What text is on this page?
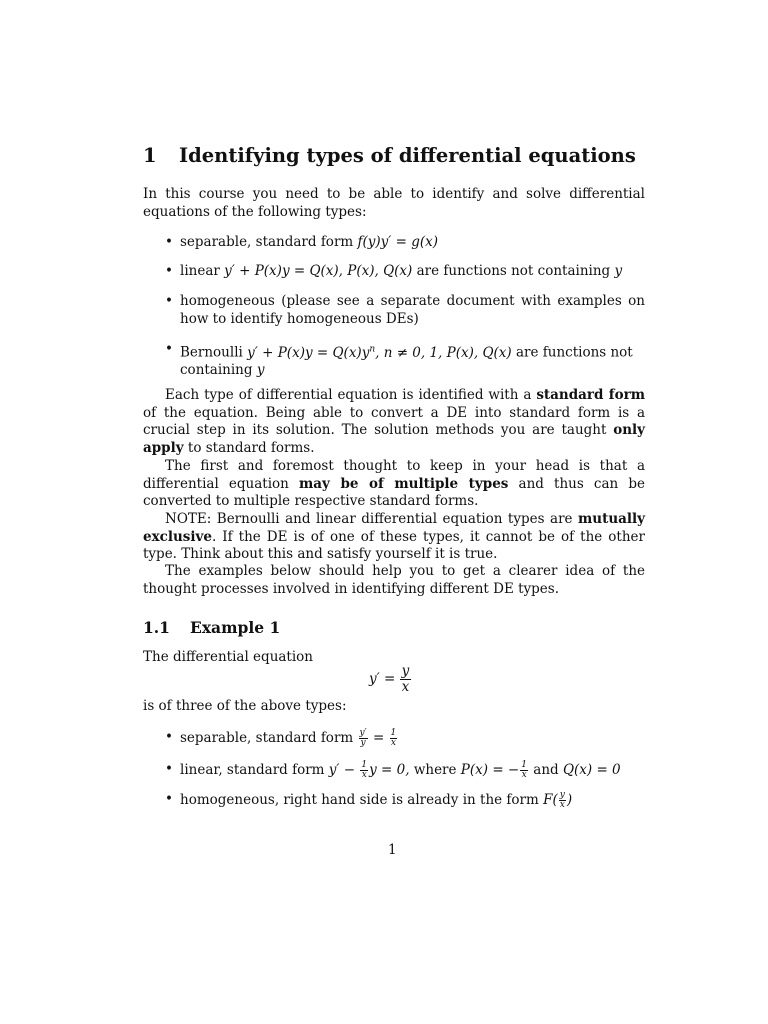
1 Identifying types of differential equations
In this course you need to be able to identify and solve differential equations of the following types:
• separable, standard form f(y)y′ = g(x)
• linear y′ + P(x)y = Q(x), P(x), Q(x) are functions not containing y
• homogeneous (please see a separate document with examples on how to identify homogeneous DEs)
• Bernoulli $y' + P(x)y = Q(x)y^n$, n ≠ 0, 1, P(x), Q(x) are functions not containing y
Each type of differential equation is identified with a standard form of the equation. Being able to convert a DE into standard form is a crucial step in its solution. The solution methods you are taught only apply to standard forms.
The first and foremost thought to keep in your head is that a differential equation may be of multiple types and thus can be converted to multiple respective standard forms.
NOTE: Bernoulli and linear differential equation types are mutually exclusive. If the DE is of one of these types, it cannot be of the other type. Think about this and satisfy yourself it is true.
The examples below should help you to get a clearer idea of the thought processes involved in identifying different DE types.
1.1 Example 1
The differential equation
$y' = \frac{y}{x}$
is of three of the above types:
• separable, standard form $\frac{y'}{y} = \frac{1}{x}$
• linear, standard form $y' - \frac{1}{x}$ y = 0, where P(x) = − $\frac{1}{x}$ and Q(x) = 0
• homogeneous, right hand side is already in the form $F( \frac{y}{x}$ )
1
